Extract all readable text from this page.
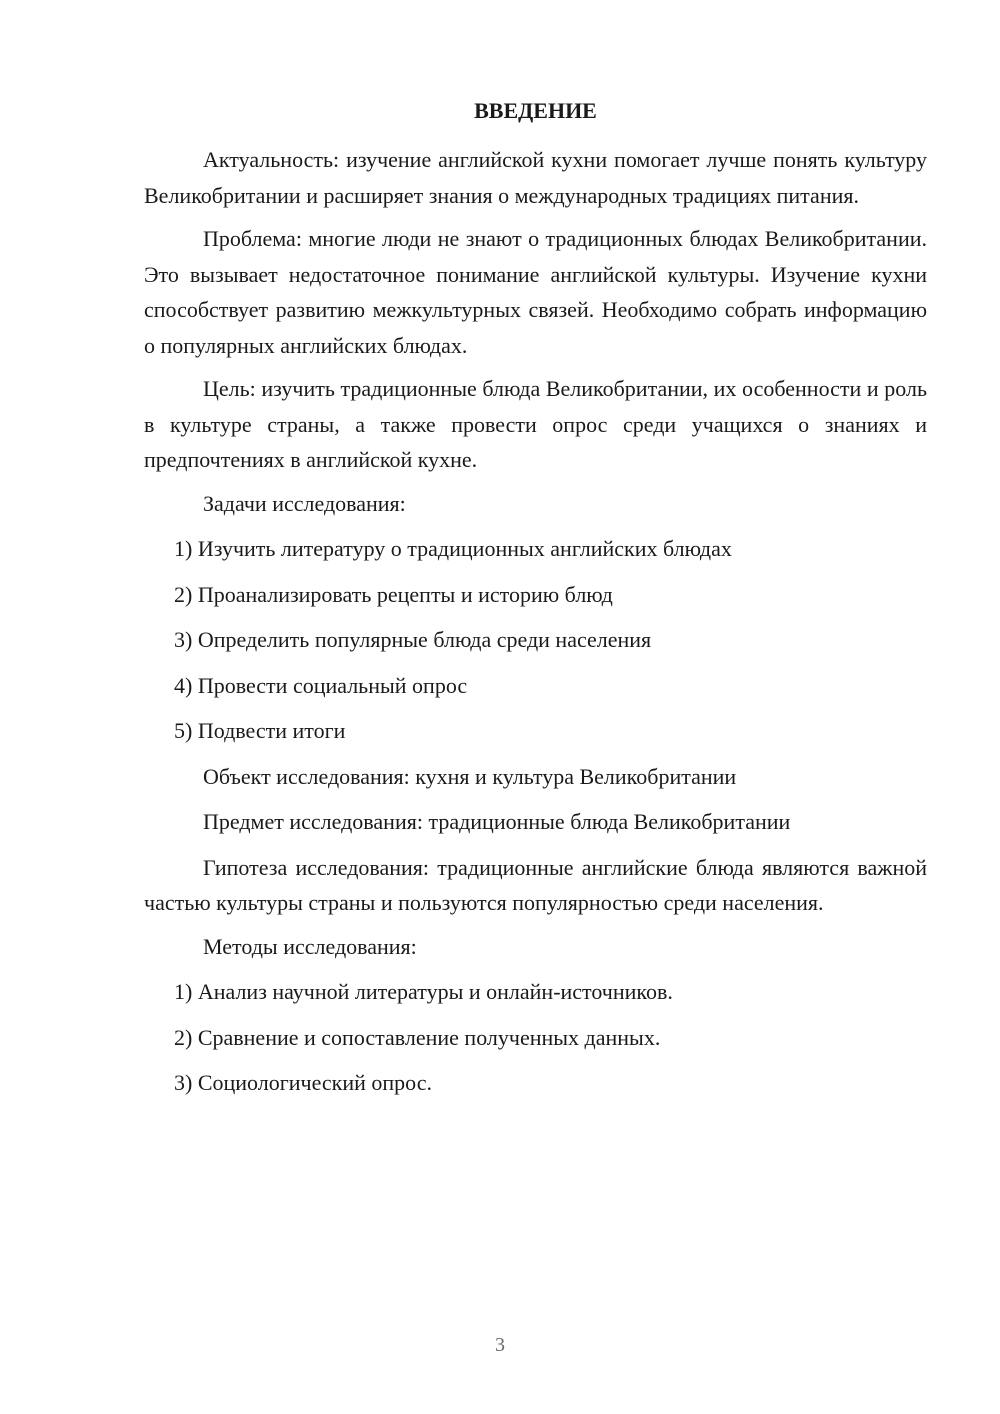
ВВЕДЕНИЕ

Актуальность: изучение английской кухни помогает лучше понять культуру Великобритании и расширяет знания о международных традициях питания.

Проблема: многие люди не знают о традиционных блюдах Великобритании. Это вызывает недостаточное понимание английской культуры. Изучение кухни способствует развитию межкультурных связей. Необходимо собрать информацию о популярных английских блюдах.

Цель: изучить традиционные блюда Великобритании, их особенности и роль в культуре страны, а также провести опрос среди учащихся о знаниях и предпочтениях в английской кухне.

Задачи исследования:

1) Изучить литературу о традиционных английских блюдах

2) Проанализировать рецепты и историю блюд

3) Определить популярные блюда среди населения

4) Провести социальный опрос

5) Подвести итоги

Объект исследования: кухня и культура Великобритании

Предмет исследования: традиционные блюда Великобритании

Гипотеза исследования: традиционные английские блюда являются важной частью культуры страны и пользуются популярностью среди населения.

Методы исследования:

1) Анализ научной литературы и онлайн-источников.

2) Сравнение и сопоставление полученных данных.

3) Социологический опрос.

3
